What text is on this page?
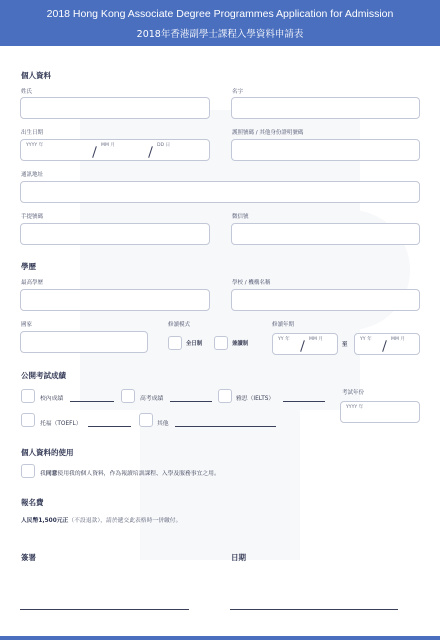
2018 Hong Kong Associate Degree Programmes Application for Admission
2018年香港副學士課程入學資料申請表
個人資料
姓氏	名字
出生日期
YYYY 年	MM 月	DD 日
護照號碼 / 其他身份證明號碼
通訊地址
手提號碼	微信號
學歷
最高學歷	學校 / 機構名稱
國家	修讀模式
全日制	兼讀制
修讀年期
YY 年	MM 月
至
YY 年	MM 月
公開考試成績
校內成績	高考成績	雅思（IELTS）
考試年份
YYYY 年
托福（TOEFL）	其他
個人資料的使用
我同意使用我的個人資料，作為報讀培訓課程、入學及服務事宜之用。
報名費
人民幣1,500元正（不設退款），請於遞交此表格時一併繳付。
簽署	日期
